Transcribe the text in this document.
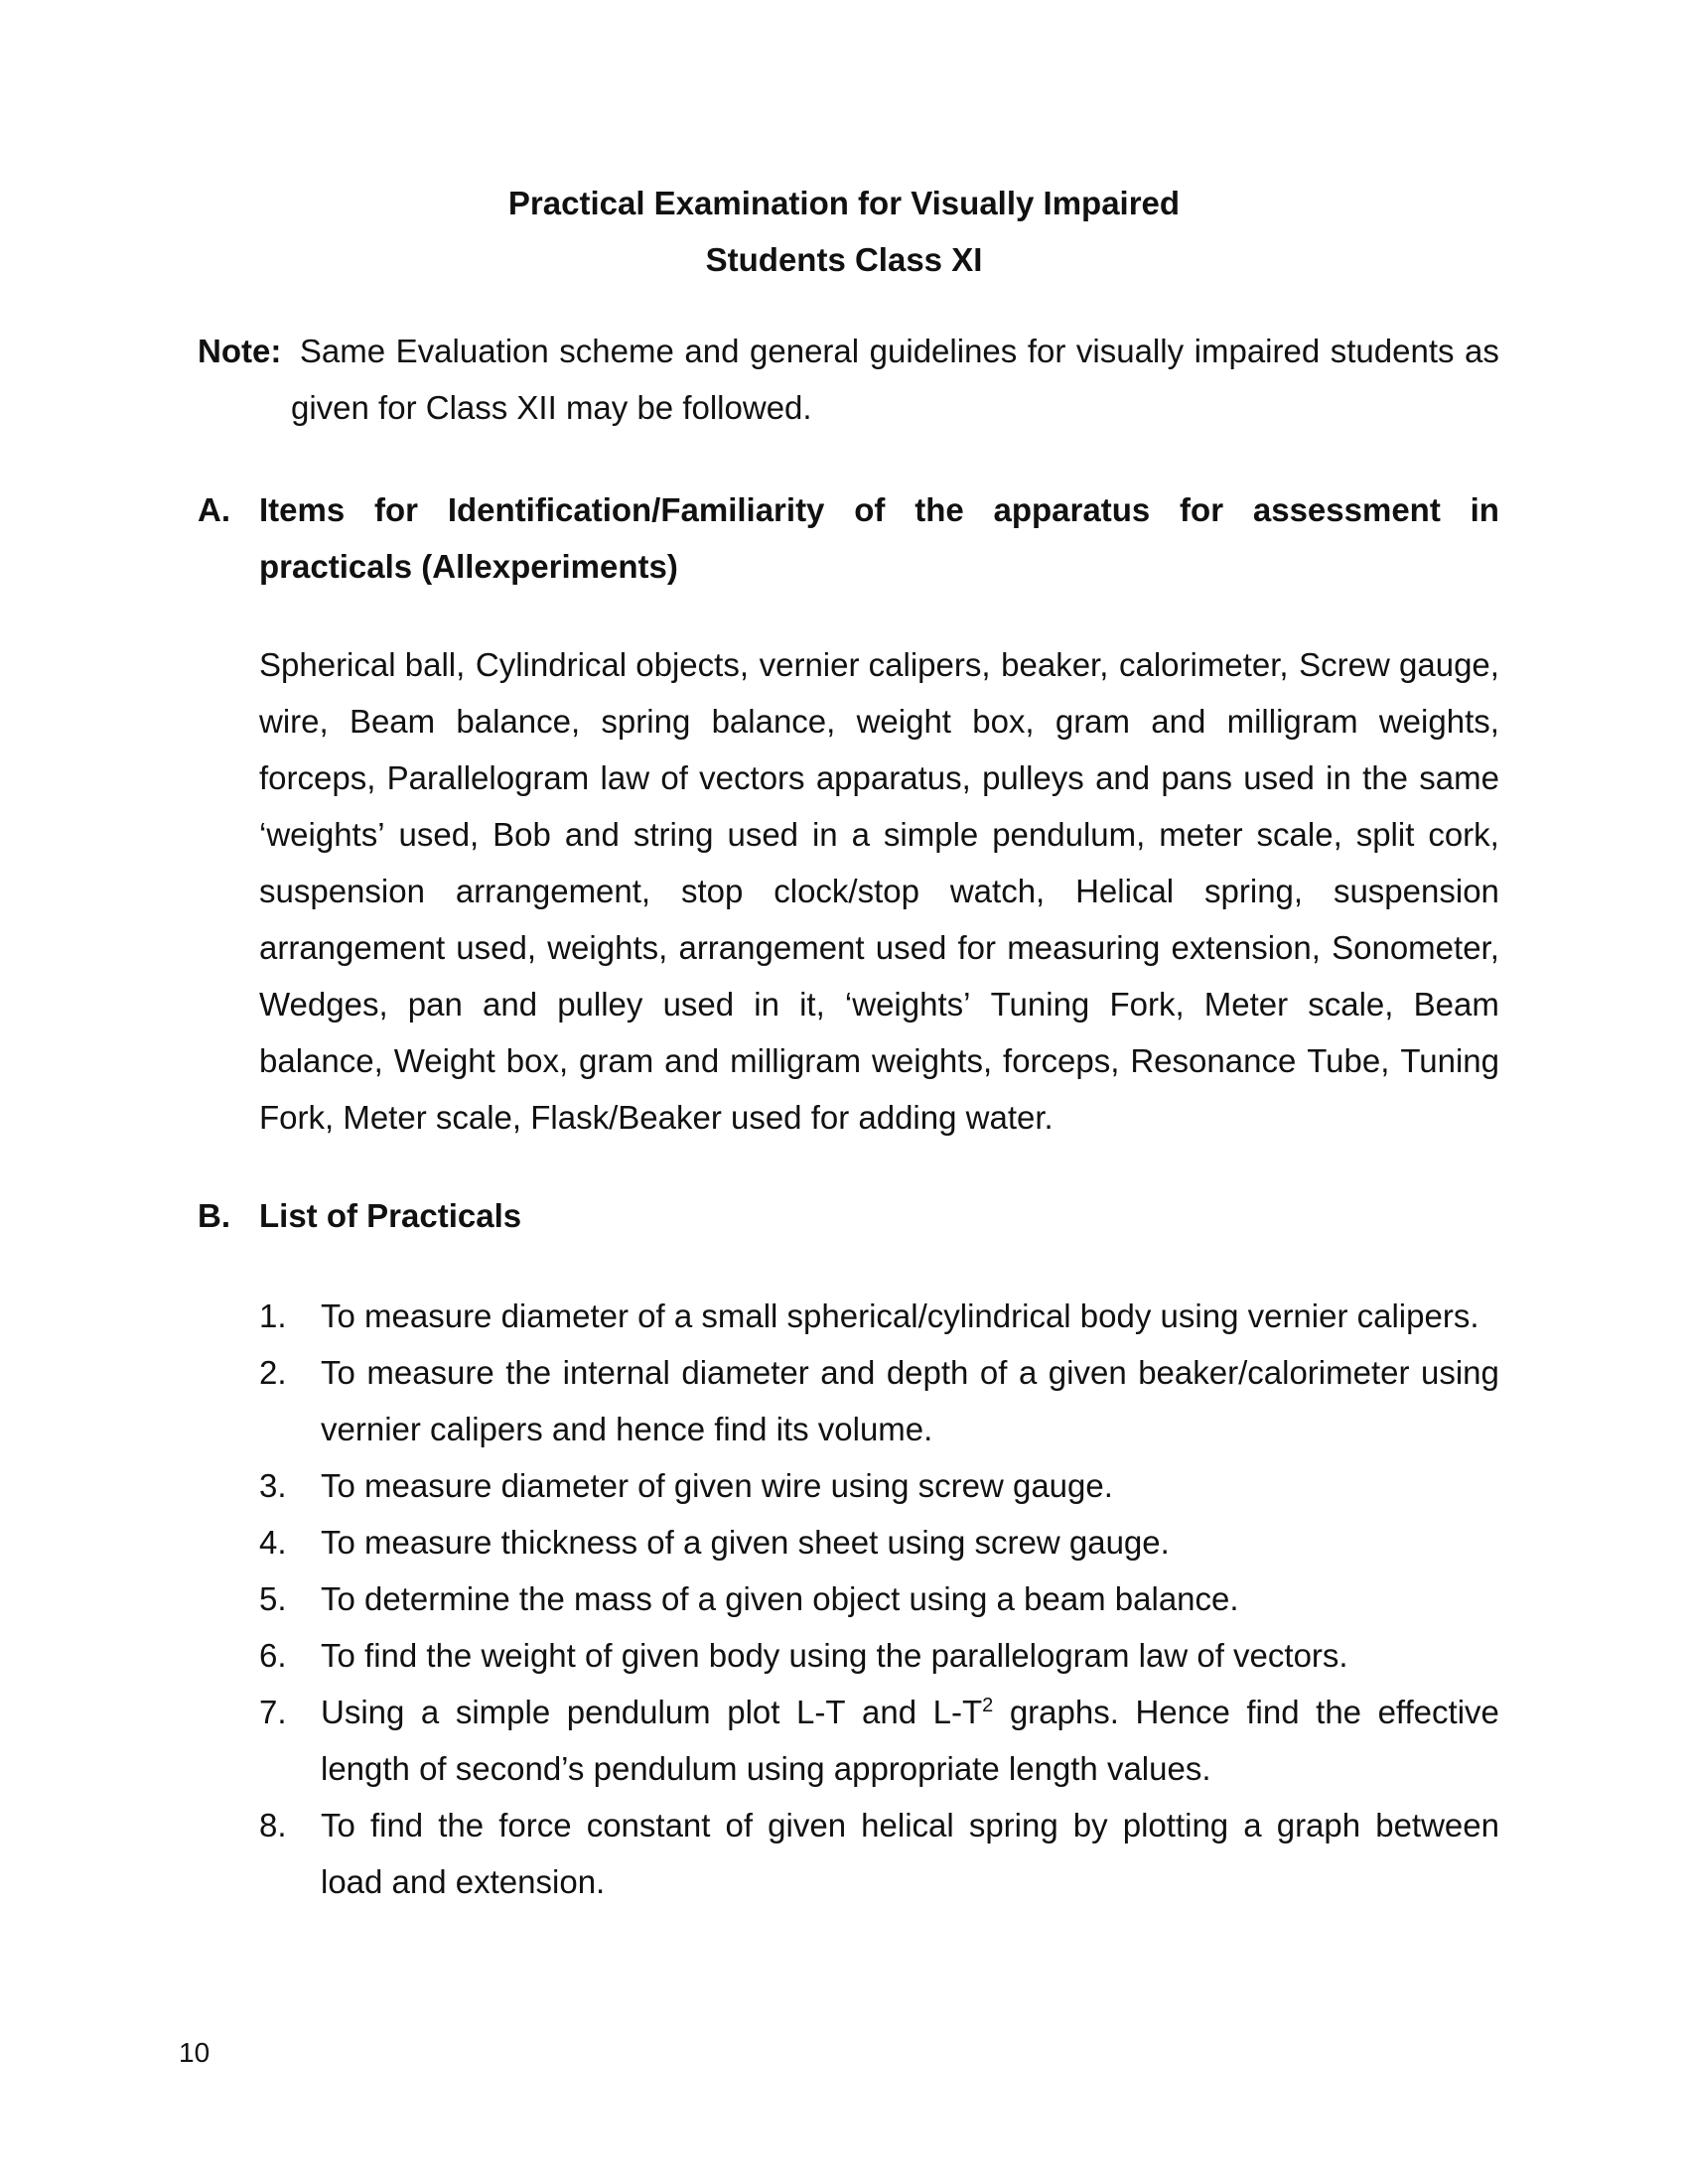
Practical Examination for Visually Impaired
Students Class XI
Note: Same Evaluation scheme and general guidelines for visually impaired students as
given for Class XII may be followed.
A. Items for Identification/Familiarity of the apparatus for assessment in
practicals (Allexperiments)
Spherical ball, Cylindrical objects, vernier calipers, beaker, calorimeter, Screw gauge,
wire, Beam balance, spring balance, weight box, gram and milligram weights,
forceps, Parallelogram law of vectors apparatus, pulleys and pans used in the same
‘weights’ used, Bob and string used in a simple pendulum, meter scale, split cork,
suspension arrangement, stop clock/stop watch, Helical spring, suspension
arrangement used, weights, arrangement used for measuring extension, Sonometer,
Wedges, pan and pulley used in it, ‘weights’ Tuning Fork, Meter scale, Beam
balance, Weight box, gram and milligram weights, forceps, Resonance Tube, Tuning
Fork, Meter scale, Flask/Beaker used for adding water.
B. List of Practicals
1.	To measure diameter of a small spherical/cylindrical body using vernier calipers.
2.	To measure the internal diameter and depth of a given beaker/calorimeter using
vernier calipers and hence find its volume.
3.	To measure diameter of given wire using screw gauge.
4.	To measure thickness of a given sheet using screw gauge.
5.	To determine the mass of a given object using a beam balance.
6.	To find the weight of given body using the parallelogram law of vectors.
7.	Using a simple pendulum plot L-T and $L-T^2$ graphs. Hence find the effective
length of second’s pendulum using appropriate length values.
8.	To find the force constant of given helical spring by plotting a graph between
load and extension.
10
